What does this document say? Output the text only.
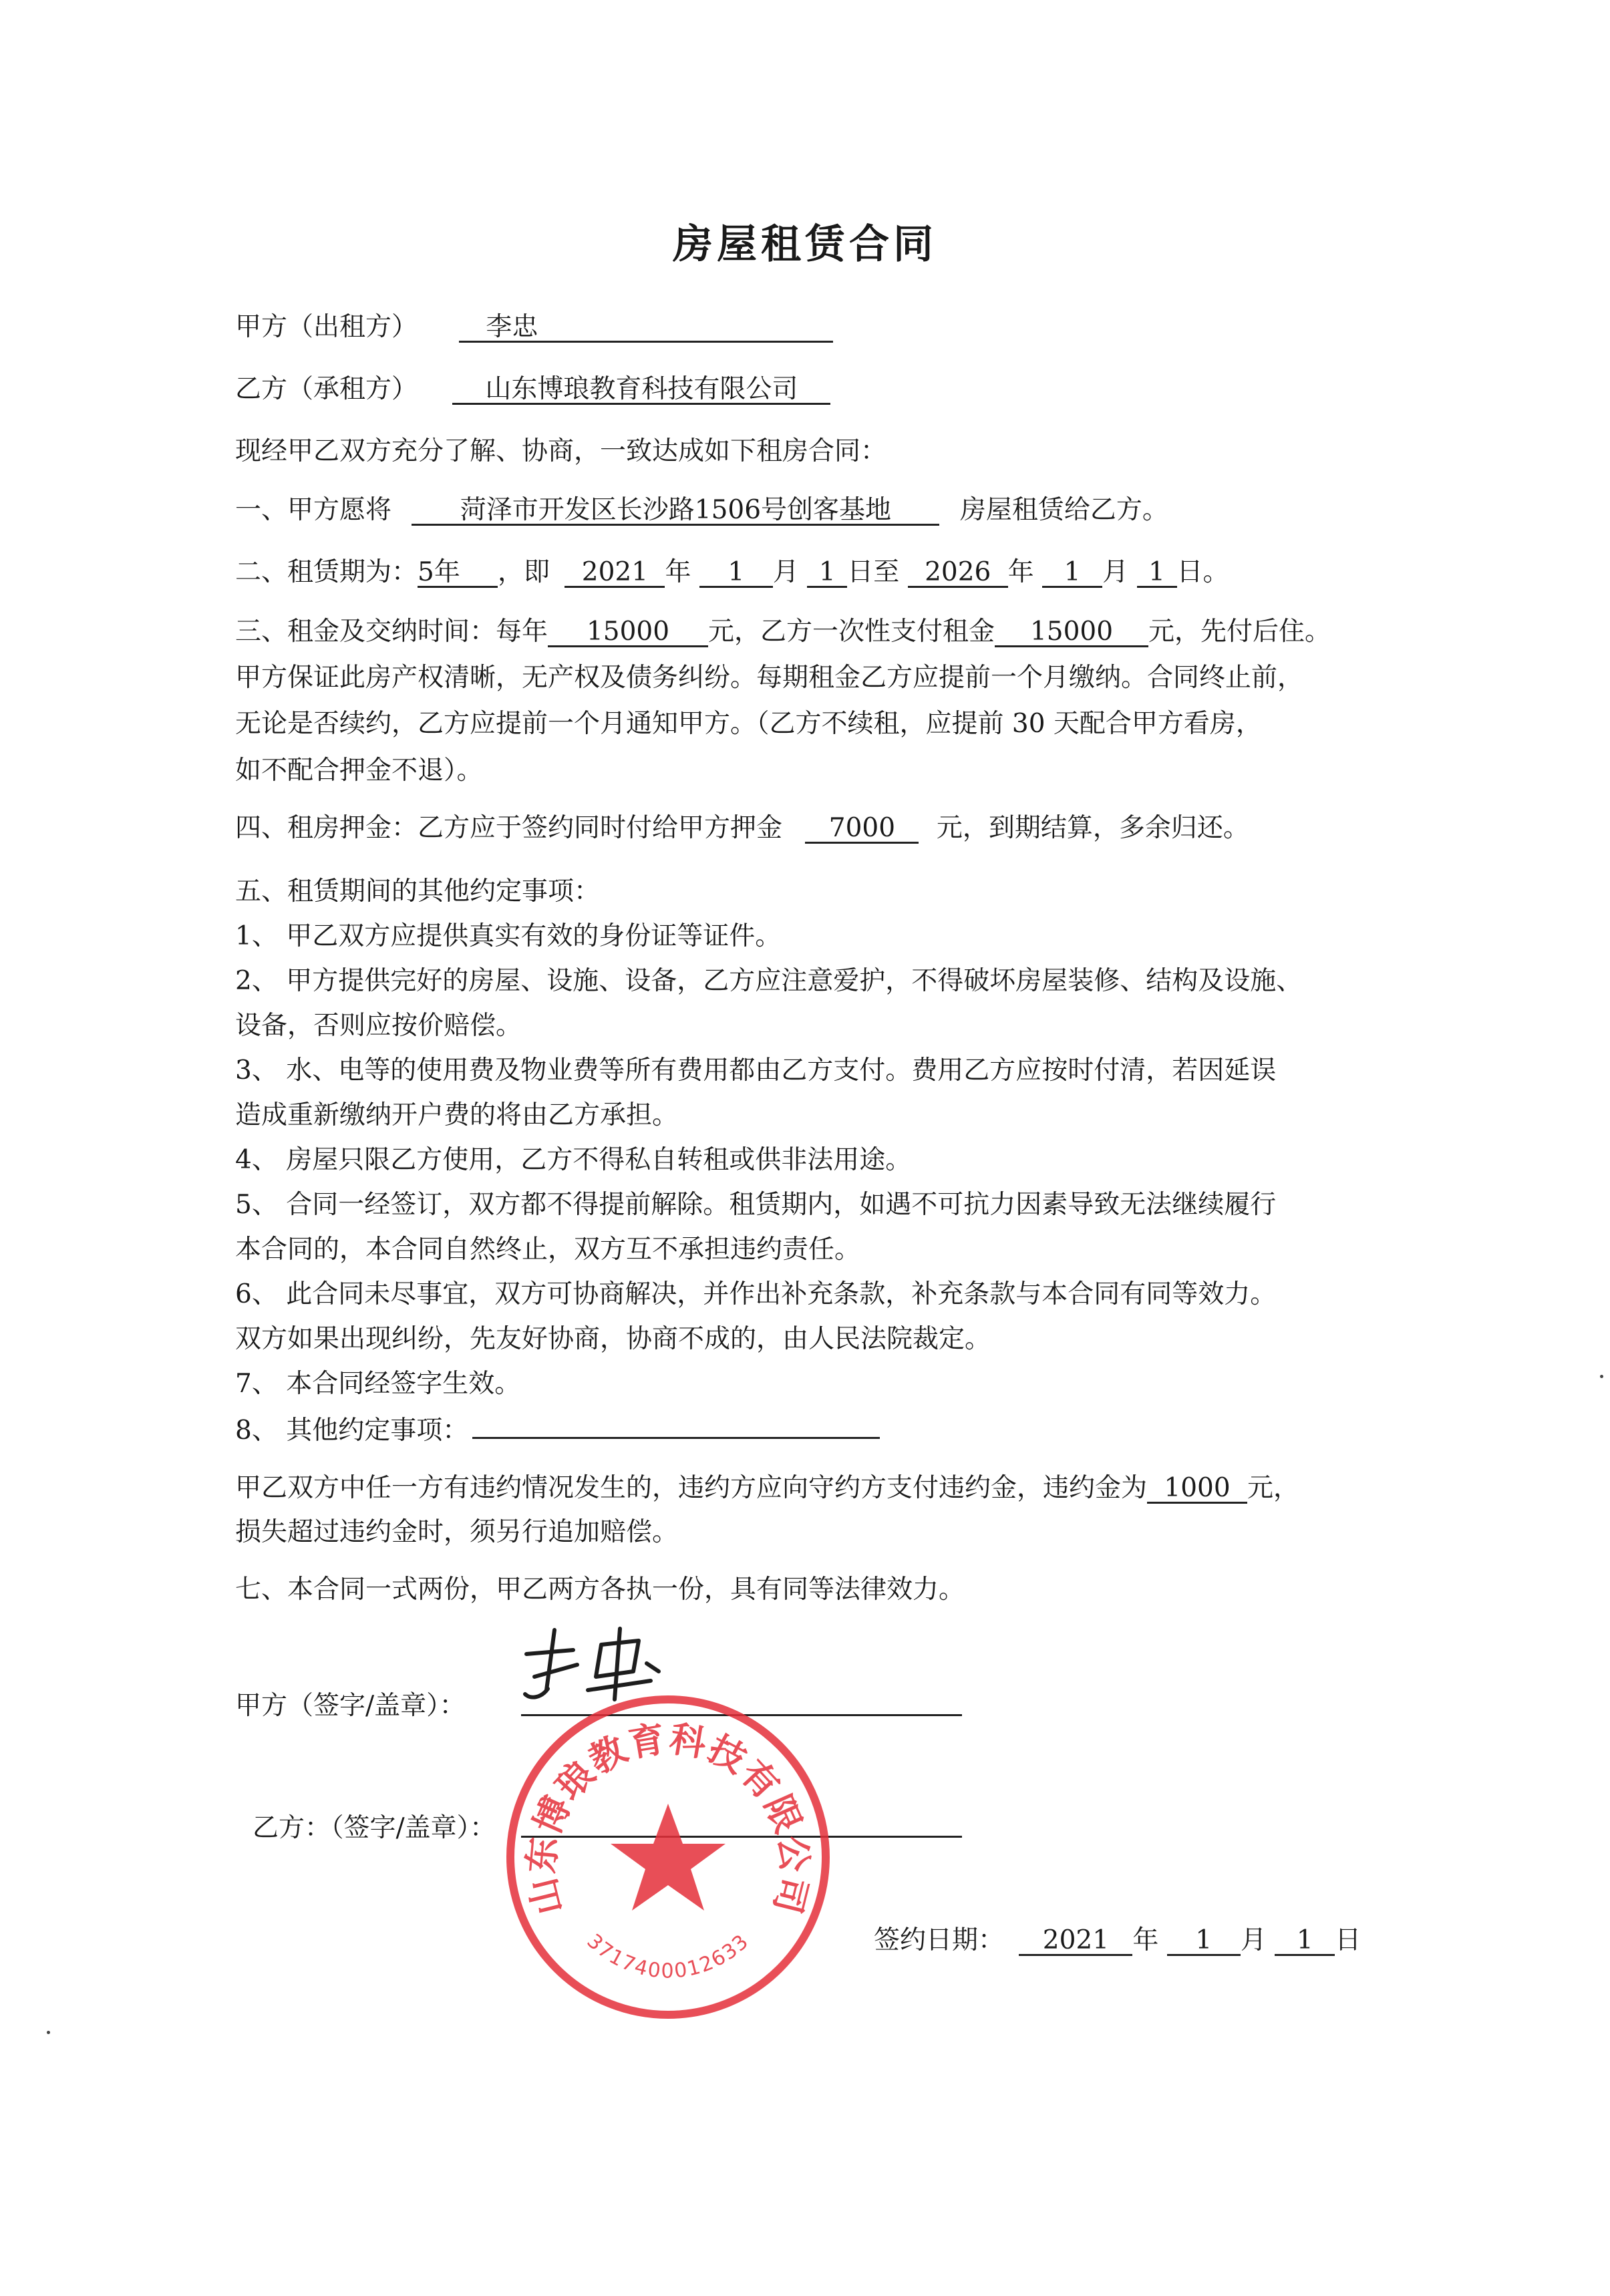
房屋租赁合同
甲方（出租方）	李忠
乙方（承租方）	山东博琅教育科技有限公司
现经甲乙双方充分了解、协商，一致达成如下租房合同：
一、甲方愿将	菏泽市开发区长沙路1506号创客基地	房屋租赁给乙方。
二、租赁期为：5年 ，即 2021 年 1 月 1 日至 2026 年 1 月 1 日。
三、租金及交纳时间：每年 15000 元，乙方一次性支付租金 15000 元，先付后住。
甲方保证此房产权清晰，无产权及债务纠纷。每期租金乙方应提前一个月缴纳。合同终止前，
无论是否续约，乙方应提前一个月通知甲方。（乙方不续租，应提前 30 天配合甲方看房，
如不配合押金不退）。
四、租房押金：乙方应于签约同时付给甲方押金 7000 元，到期结算，多余归还。
五、租赁期间的其他约定事项：
1、 甲乙双方应提供真实有效的身份证等证件。
2、 甲方提供完好的房屋、设施、设备，乙方应注意爱护，不得破坏房屋装修、结构及设施、
设备，否则应按价赔偿。
3、 水、电等的使用费及物业费等所有费用都由乙方支付。费用乙方应按时付清，若因延误
造成重新缴纳开户费的将由乙方承担。
4、 房屋只限乙方使用，乙方不得私自转租或供非法用途。
5、 合同一经签订，双方都不得提前解除。租赁期内，如遇不可抗力因素导致无法继续履行
本合同的，本合同自然终止，双方互不承担违约责任。
6、 此合同未尽事宜，双方可协商解决，并作出补充条款，补充条款与本合同有同等效力。
双方如果出现纠纷，先友好协商，协商不成的，由人民法院裁定。
7、 本合同经签字生效。
8、 其他约定事项：
甲乙双方中任一方有违约情况发生的，违约方应向守约方支付违约金，违约金为 1000 元，
损失超过违约金时，须另行追加赔偿。
七、本合同一式两份，甲乙两方各执一份，具有同等法律效力。
甲方（签字/盖章）：
乙方：（签字/盖章）：
签约日期： 2021 年 1 月 1 日
山东博琅教育科技有限公司
3717400012633
